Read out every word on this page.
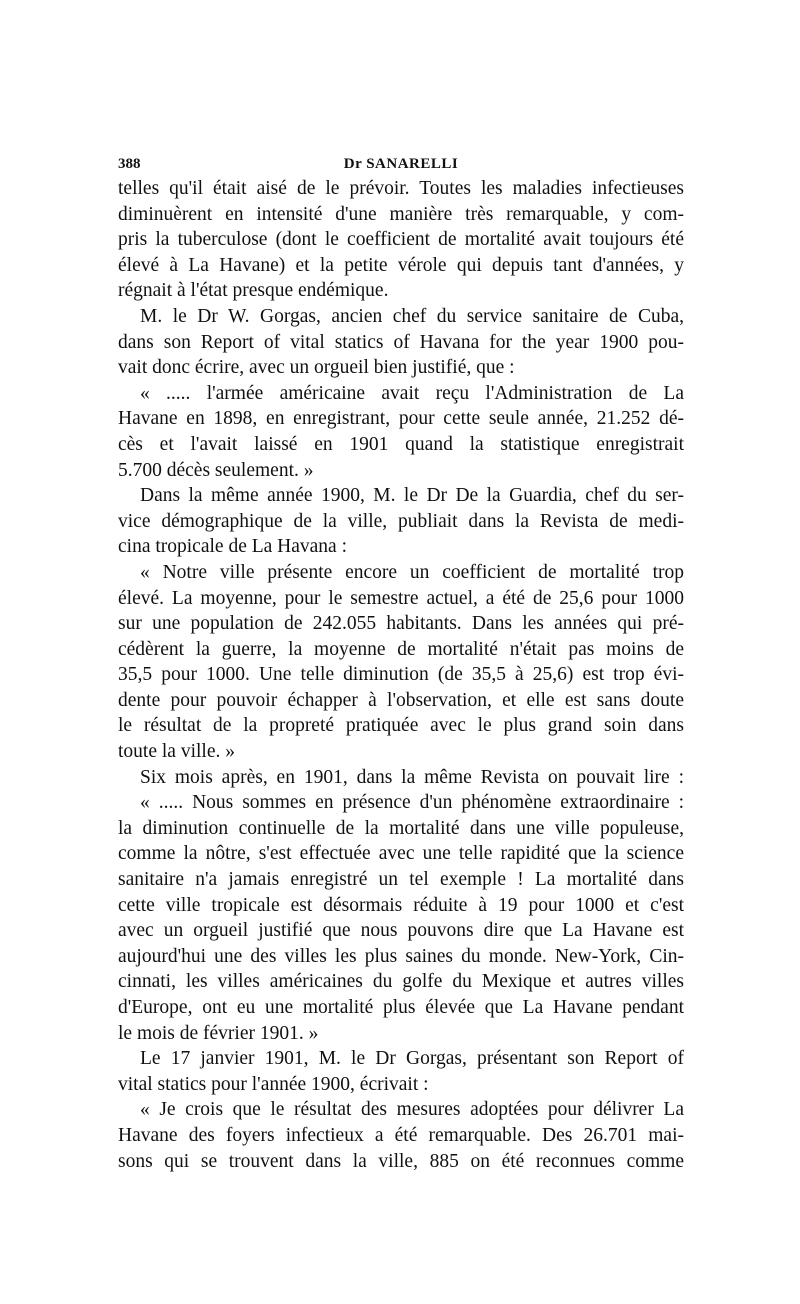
388	Dr SANARELLI
telles qu'il était aisé de le prévoir. Toutes les maladies infectieuses
diminuèrent en intensité d'une manière très remarquable, y com-
pris la tuberculose (dont le coefficient de mortalité avait toujours été
élevé à La Havane) et la petite vérole qui depuis tant d'années, y
régnait à l'état presque endémique.
M. le Dr W. Gorgas, ancien chef du service sanitaire de Cuba,
dans son Report of vital statics of Havana for the year 1900 pou-
vait donc écrire, avec un orgueil bien justifié, que :
« ..... l'armée américaine avait reçu l'Administration de La
Havane en 1898, en enregistrant, pour cette seule année, 21.252 dé-
cès et l'avait laissé en 1901 quand la statistique enregistrait
5.700 décès seulement. »
Dans la même année 1900, M. le Dr De la Guardia, chef du ser-
vice démographique de la ville, publiait dans la Revista de medi-
cina tropicale de La Havana :
« Notre ville présente encore un coefficient de mortalité trop
élevé. La moyenne, pour le semestre actuel, a été de 25,6 pour 1000
sur une population de 242.055 habitants. Dans les années qui pré-
cédèrent la guerre, la moyenne de mortalité n'était pas moins de
35,5 pour 1000. Une telle diminution (de 35,5 à 25,6) est trop évi-
dente pour pouvoir échapper à l'observation, et elle est sans doute
le résultat de la propreté pratiquée avec le plus grand soin dans
toute la ville. »
Six mois après, en 1901, dans la même Revista on pouvait lire :
« ..... Nous sommes en présence d'un phénomène extraordinaire :
la diminution continuelle de la mortalité dans une ville populeuse,
comme la nôtre, s'est effectuée avec une telle rapidité que la science
sanitaire n'a jamais enregistré un tel exemple ! La mortalité dans
cette ville tropicale est désormais réduite à 19 pour 1000 et c'est
avec un orgueil justifié que nous pouvons dire que La Havane est
aujourd'hui une des villes les plus saines du monde. New-York, Cin-
cinnati, les villes américaines du golfe du Mexique et autres villes
d'Europe, ont eu une mortalité plus élevée que La Havane pendant
le mois de février 1901. »
Le 17 janvier 1901, M. le Dr Gorgas, présentant son Report of
vital statics pour l'année 1900, écrivait :
« Je crois que le résultat des mesures adoptées pour délivrer La
Havane des foyers infectieux a été remarquable. Des 26.701 mai-
sons qui se trouvent dans la ville, 885 on été reconnues comme
